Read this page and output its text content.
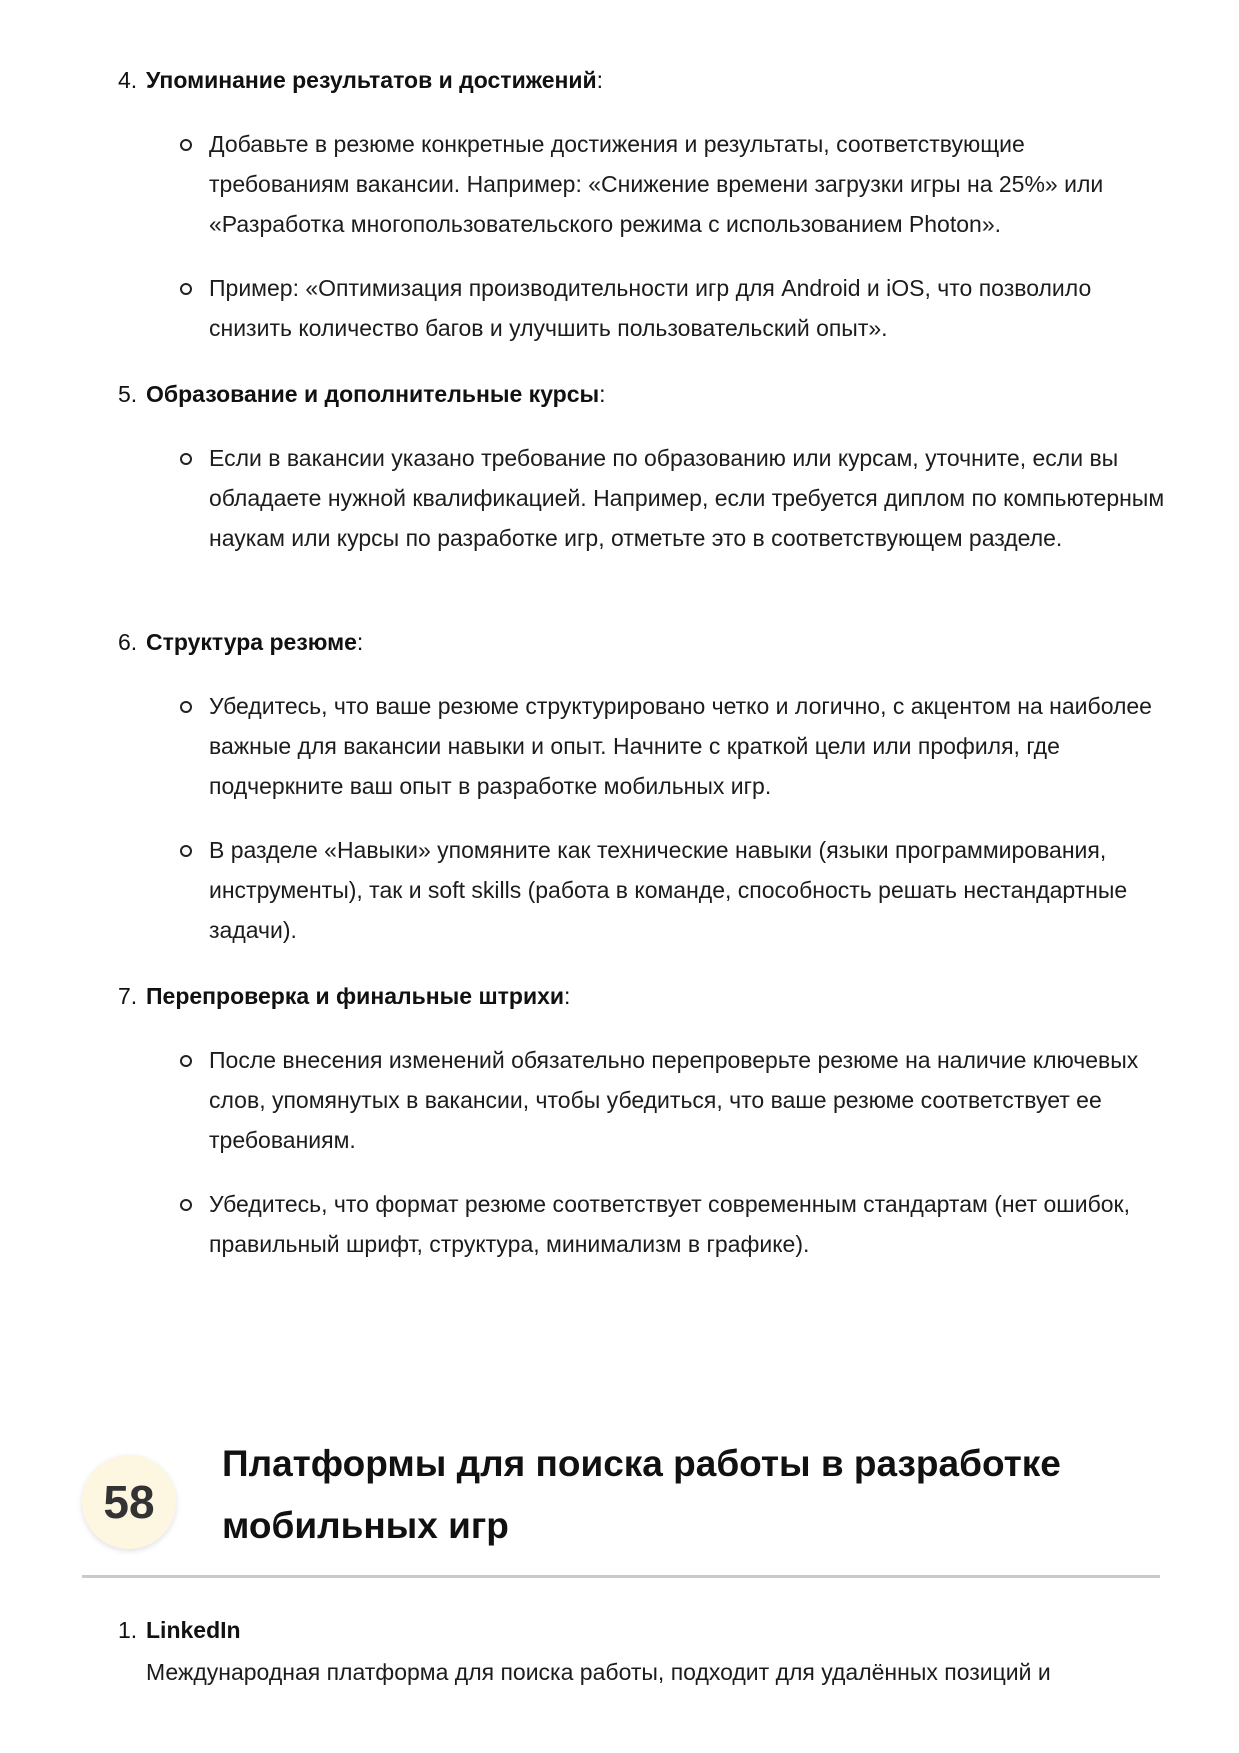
4. Упоминание результатов и достижений:
Добавьте в резюме конкретные достижения и результаты, соответствующие требованиям вакансии. Например: «Снижение времени загрузки игры на 25%» или «Разработка многопользовательского режима с использованием Photon».
Пример: «Оптимизация производительности игр для Android и iOS, что позволило снизить количество багов и улучшить пользовательский опыт».
5. Образование и дополнительные курсы:
Если в вакансии указано требование по образованию или курсам, уточните, если вы обладаете нужной квалификацией. Например, если требуется диплом по компьютерным наукам или курсы по разработке игр, отметьте это в соответствующем разделе.
6. Структура резюме:
Убедитесь, что ваше резюме структурировано четко и логично, с акцентом на наиболее важные для вакансии навыки и опыт. Начните с краткой цели или профиля, где подчеркните ваш опыт в разработке мобильных игр.
В разделе «Навыки» упомяните как технические навыки (языки программирования, инструменты), так и soft skills (работа в команде, способность решать нестандартные задачи).
7. Перепроверка и финальные штрихи:
После внесения изменений обязательно перепроверьте резюме на наличие ключевых слов, упомянутых в вакансии, чтобы убедиться, что ваше резюме соответствует ее требованиям.
Убедитесь, что формат резюме соответствует современным стандартам (нет ошибок, правильный шрифт, структура, минимализм в графике).
58
Платформы для поиска работы в разработке мобильных игр
1. LinkedIn
Международная платформа для поиска работы, подходит для удалённых позиций и
